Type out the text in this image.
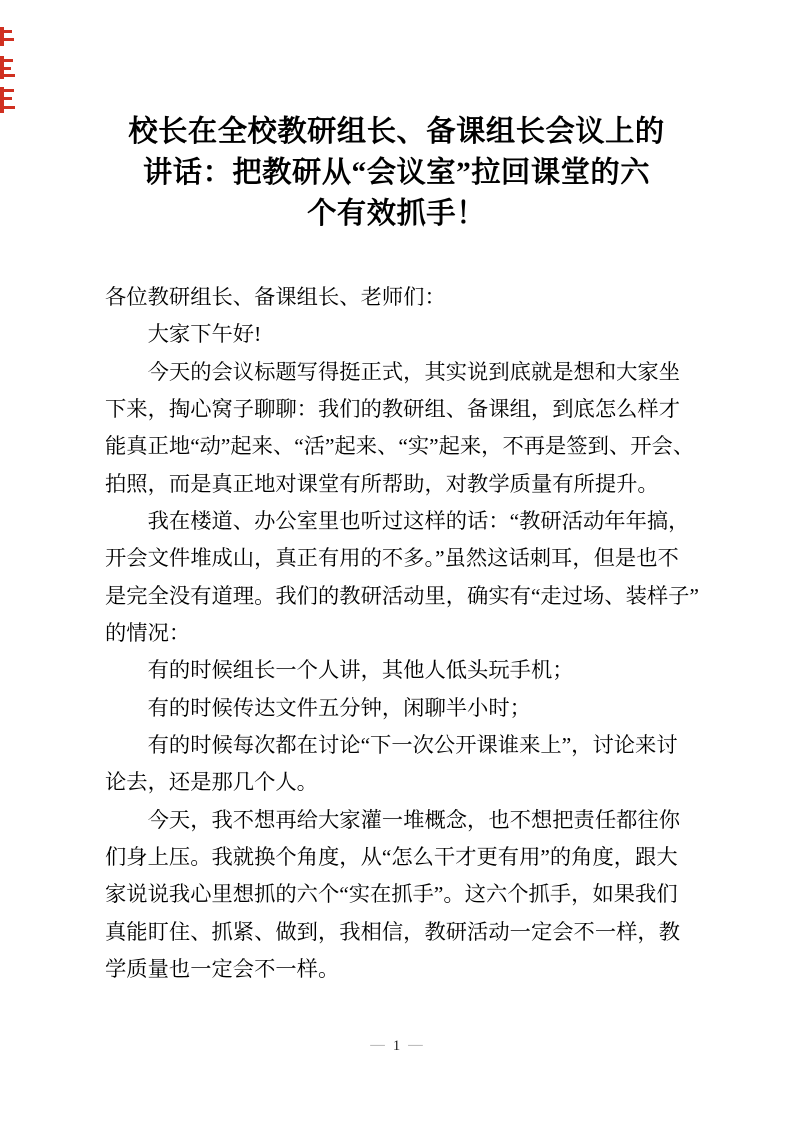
校长在全校教研组长、备课组长会议上的
讲话：把教研从“会议室”拉回课堂的六
个有效抓手！
各位教研组长、备课组长、老师们：
大家下午好!
今天的会议标题写得挺正式，其实说到底就是想和大家坐
下来，掏心窝子聊聊：我们的教研组、备课组，到底怎么样才
能真正地“动”起来、“活”起来、“实”起来，不再是签到、开会、
拍照，而是真正地对课堂有所帮助，对教学质量有所提升。
我在楼道、办公室里也听过这样的话：“教研活动年年搞，
开会文件堆成山，真正有用的不多。”虽然这话刺耳，但是也不
是完全没有道理。我们的教研活动里，确实有“走过场、装样子”
的情况：
有的时候组长一个人讲，其他人低头玩手机；
有的时候传达文件五分钟，闲聊半小时；
有的时候每次都在讨论“下一次公开课谁来上”，讨论来讨
论去，还是那几个人。
今天，我不想再给大家灌一堆概念，也不想把责任都往你
们身上压。我就换个角度，从“怎么干才更有用”的角度，跟大
家说说我心里想抓的六个“实在抓手”。这六个抓手，如果我们
真能盯住、抓紧、做到，我相信，教研活动一定会不一样，教
学质量也一定会不一样。
— 1 —
